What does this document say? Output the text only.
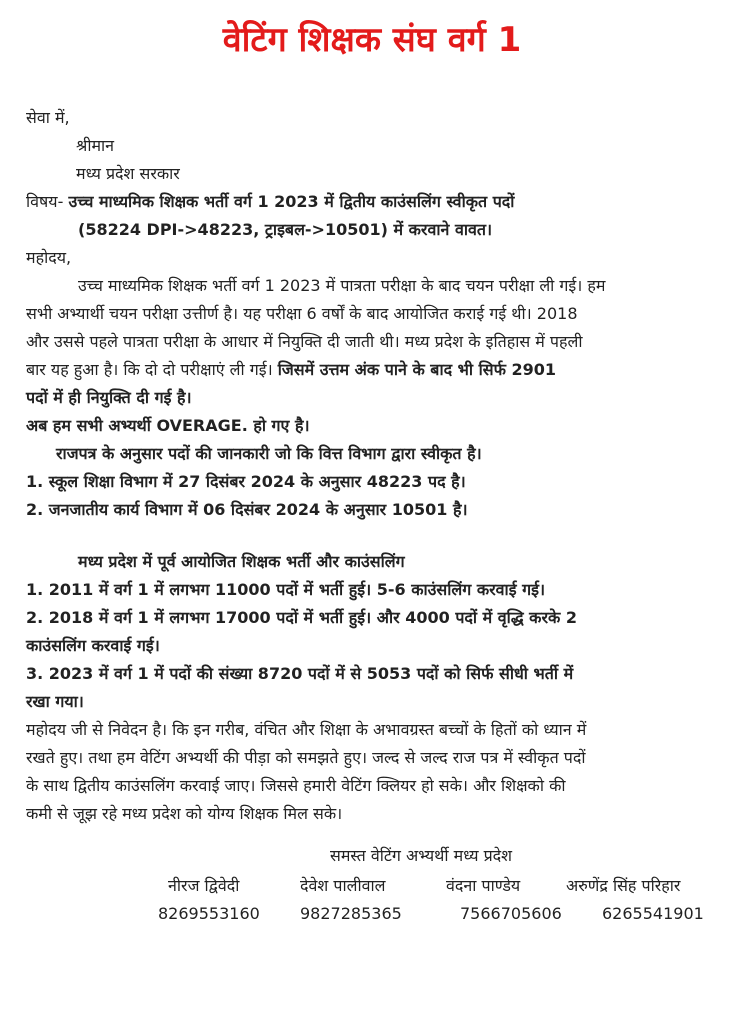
वेटिंग शिक्षक संघ वर्ग 1
सेवा में,
श्रीमान
मध्य प्रदेश सरकार
विषय- उच्च माध्यमिक शिक्षक भर्ती वर्ग 1 2023 में द्वितीय काउंसलिंग स्वीकृत पदों
(58224 DPI->48223, ट्राइबल->10501) में करवाने वावत।
महोदय,
उच्च माध्यमिक शिक्षक भर्ती वर्ग 1 2023 में पात्रता परीक्षा के बाद चयन परीक्षा ली गई। हम
सभी अभ्यार्थी चयन परीक्षा उत्तीर्ण है। यह परीक्षा 6 वर्षों के बाद आयोजित कराई गई थी। 2018
और उससे पहले पात्रता परीक्षा के आधार में नियुक्ति दी जाती थी। मध्य प्रदेश के इतिहास में पहली
बार यह हुआ है। कि दो दो परीक्षाएं ली गई। जिसमें उत्तम अंक पाने के बाद भी सिर्फ 2901
पदों में ही नियुक्ति दी गई है।
अब हम सभी अभ्यर्थी OVERAGE. हो गए है।
राजपत्र के अनुसार पदों की जानकारी जो कि वित्त विभाग द्वारा स्वीकृत है।
1. स्कूल शिक्षा विभाग में 27 दिसंबर 2024 के अनुसार 48223 पद है।
2. जनजातीय कार्य विभाग में 06 दिसंबर 2024 के अनुसार 10501 है।
मध्य प्रदेश में पूर्व आयोजित शिक्षक भर्ती और काउंसलिंग
1. 2011 में वर्ग 1 में लगभग 11000 पदों में भर्ती हुई। 5-6 काउंसलिंग करवाई गई।
2. 2018 में वर्ग 1 में लगभग 17000 पदों में भर्ती हुई। और 4000 पदों में वृद्धि करके 2
काउंसलिंग करवाई गई।
3. 2023 में वर्ग 1 में पदों की संख्या 8720 पदों में से 5053 पदों को सिर्फ सीधी भर्ती में
रखा गया।
महोदय जी से निवेदन है। कि इन गरीब, वंचित और शिक्षा के अभावग्रस्त बच्चों के हितों को ध्यान में
रखते हुए। तथा हम वेटिंग अभ्यर्थी की पीड़ा को समझते हुए। जल्द से जल्द राज पत्र में स्वीकृत पदों
के साथ द्वितीय काउंसलिंग करवाई जाए। जिससे हमारी वेटिंग क्लियर हो सके। और शिक्षको की
कमी से जूझ रहे मध्य प्रदेश को योग्य शिक्षक मिल सके।
समस्त वेटिंग अभ्यर्थी मध्य प्रदेश
नीरज द्विवेदी	देवेश पालीवाल	वंदना पाण्डेय	अरुणेंद्र सिंह परिहार
8269553160	9827285365	7566705606	6265541901
